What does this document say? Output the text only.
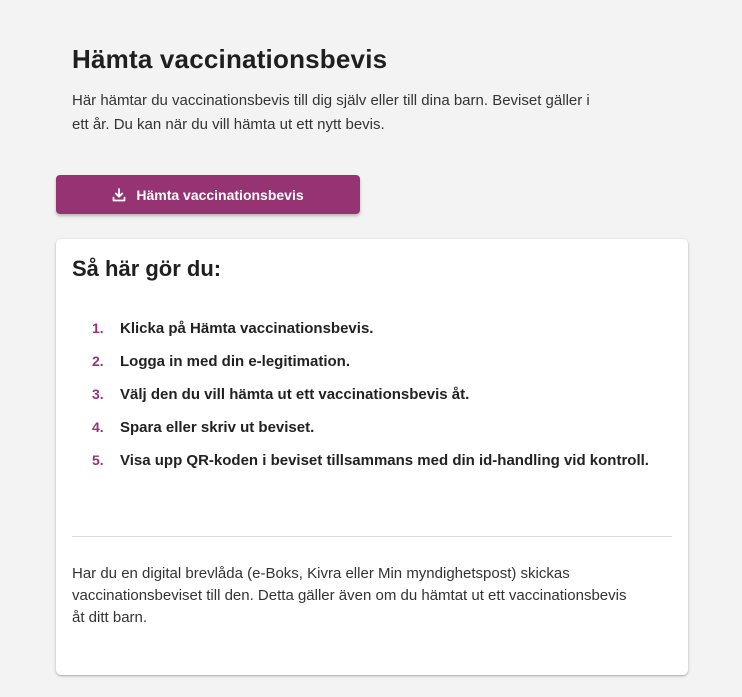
Hämta vaccinationsbevis

Här hämtar du vaccinationsbevis till dig själv eller till dina barn. Beviset gäller i ett år. Du kan när du vill hämta ut ett nytt bevis.

Hämta vaccinationsbevis
Så här gör du:
1.	Klicka på Hämta vaccinationsbevis.
2.	Logga in med din e-legitimation.
3.	Välj den du vill hämta ut ett vaccinationsbevis åt.
4.	Spara eller skriv ut beviset.
5.	Visa upp QR-koden i beviset tillsammans med din id-handling vid kontroll.

Har du en digital brevlåda (e-Boks, Kivra eller Min myndighetspost) skickas vaccinationsbeviset till den. Detta gäller även om du hämtat ut ett vaccinationsbevis åt ditt barn.
